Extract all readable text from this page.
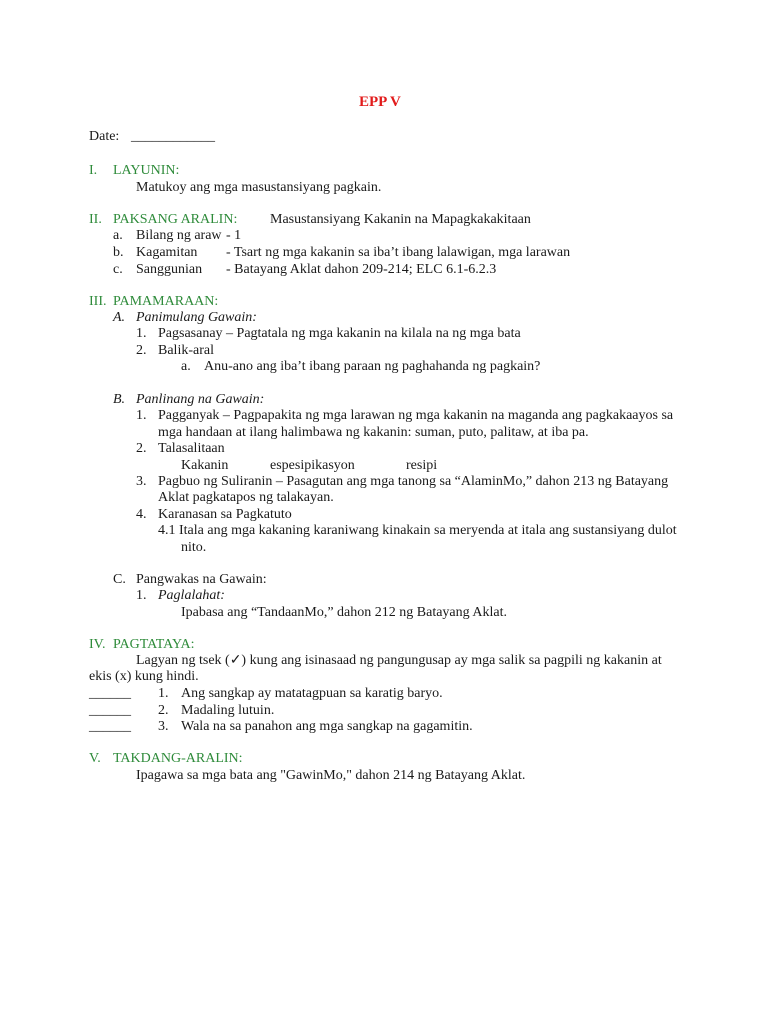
EPP V
Date: ____________
I. LAYUNIN:
Matukoy ang mga masustansiyang pagkain.
II. PAKSANG ARALIN: Masustansiyang Kakanin na Mapagkakakitaan
a. Bilang ng araw - 1
b. Kagamitan - Tsart ng mga kakanin sa iba’t ibang lalawigan, mga larawan
c. Sanggunian - Batayang Aklat dahon 209-214; ELC 6.1-6.2.3
III. PAMAMARAAN:
A. Panimulang Gawain:
1. Pagsasanay – Pagtatala ng mga kakanin na kilala na ng mga bata
2. Balik-aral
a. Anu-ano ang iba’t ibang paraan ng paghahanda ng pagkain?
B. Panlinang na Gawain:
1. Pagganyak – Pagpapakita ng mga larawan ng mga kakanin na maganda ang pagkakaayos sa
mga handaan at ilang halimbawa ng kakanin: suman, puto, palitaw, at iba pa.
2. Talasalitaan
Kakanin	espesipikasyon	resipi
3. Pagbuo ng Suliranin – Pasagutan ang mga tanong sa “AlaminMo,” dahon 213 ng Batayang
Aklat pagkatapos ng talakayan.
4. Karanasan sa Pagkatuto
4.1 Itala ang mga kakaning karaniwang kinakain sa meryenda at itala ang sustansiyang dulot
nito.
C. Pangwakas na Gawain:
1. Paglalahat:
Ipabasa ang “TandaanMo,” dahon 212 ng Batayang Aklat.
IV. PAGTATAYA:
Lagyan ng tsek (✓) kung ang isinasaad ng pangungusap ay mga salik sa pagpili ng kakanin at
ekis (x) kung hindi.
______ 1. Ang sangkap ay matatagpuan sa karatig baryo.
______ 2. Madaling lutuin.
______ 3. Wala na sa panahon ang mga sangkap na gagamitin.
V. TAKDANG-ARALIN:
Ipagawa sa mga bata ang "GawinMo," dahon 214 ng Batayang Aklat.
